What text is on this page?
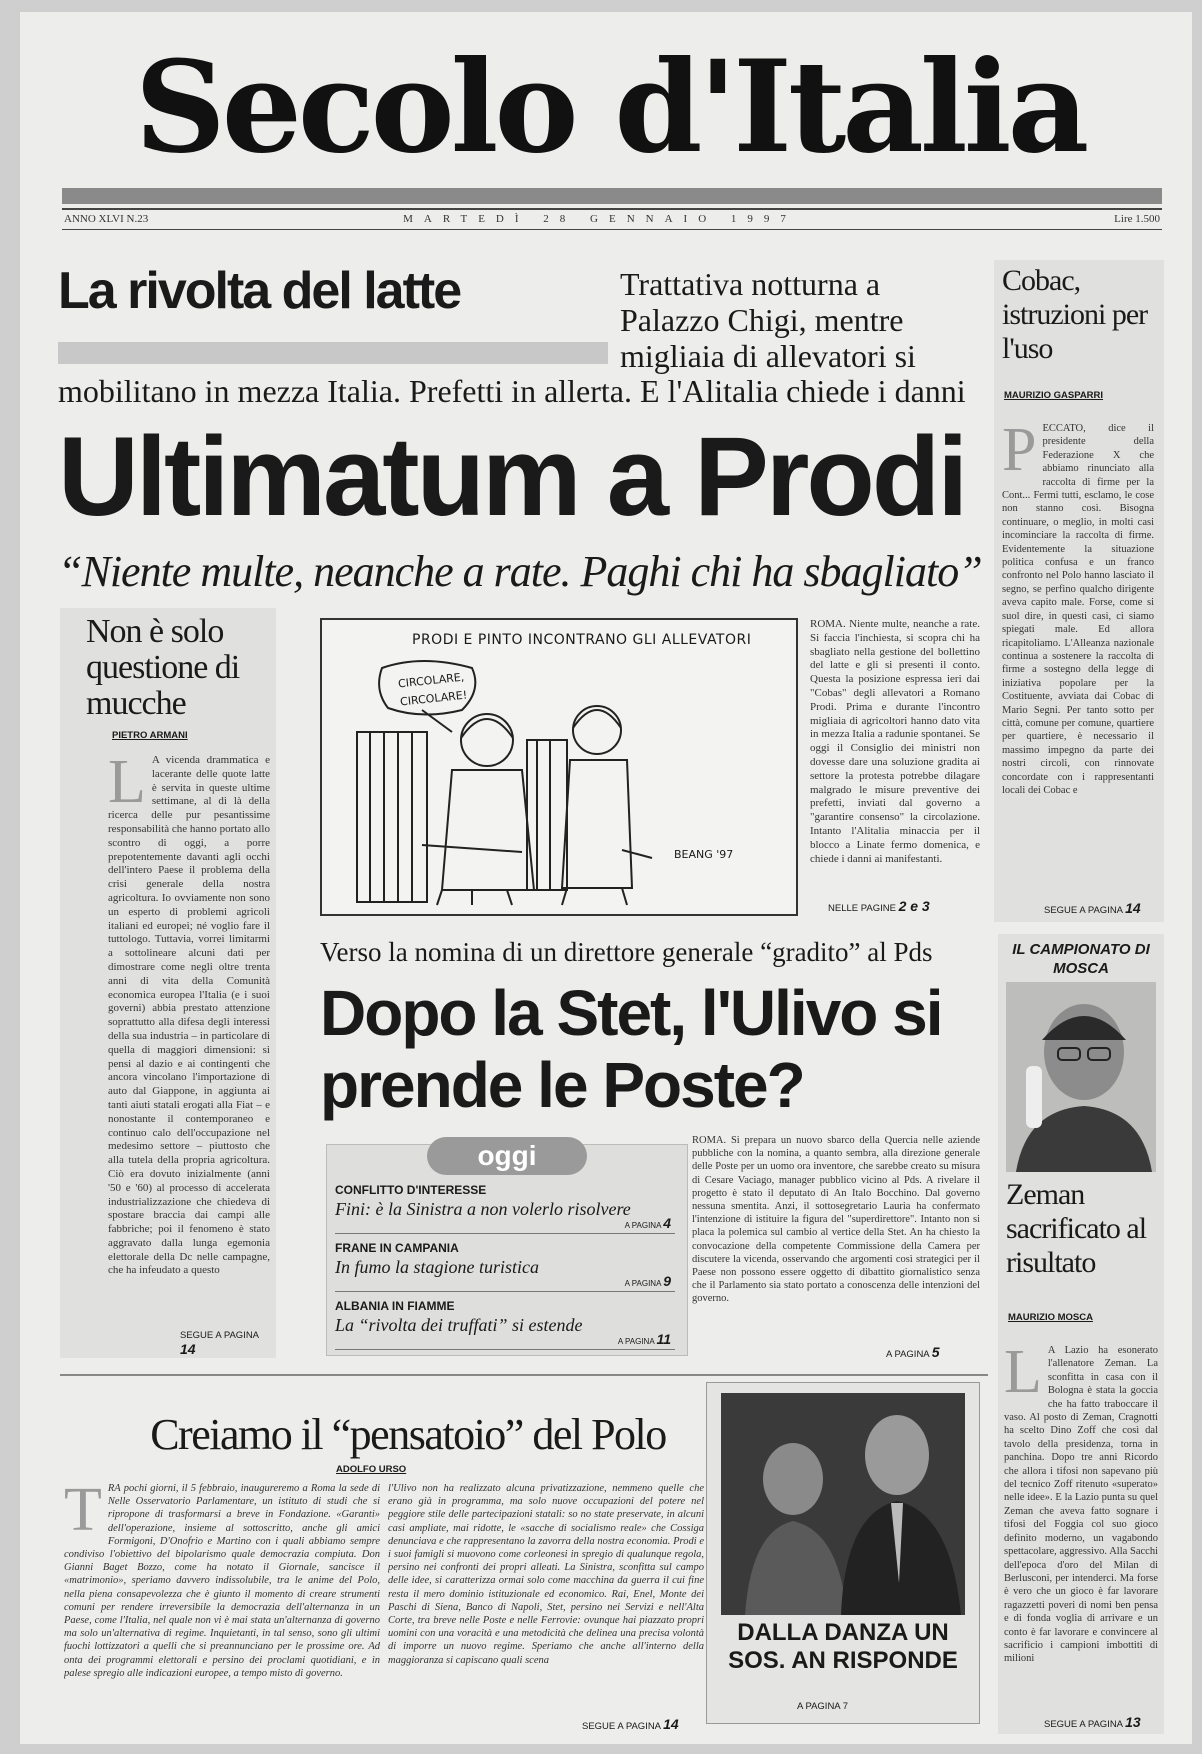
Secolo d'Italia
ANNO XLVI N.23	MARTEDÌ 28 GENNAIO 1997	Lire 1.500
La rivolta del latte	Trattativa notturna a Palazzo Chigi, mentre migliaia di allevatori si
mobilitano in mezza Italia. Prefetti in allerta. E l'Alitalia chiede i danni
Ultimatum a Prodi
“Niente multe, neanche a rate. Paghi chi ha sbagliato”
Non è solo questione di mucche
PIETRO ARMANI
L A vicenda drammatica e lacerante delle quote latte è servita in queste ultime settimane, al di là della ricerca delle pur pesantissime responsabilità che hanno portato allo scontro di oggi, a porre prepotentemente davanti agli occhi dell'intero Paese il problema della crisi generale della nostra agricoltura. Io ovviamente non sono un esperto di problemi agricoli italiani ed europei; né voglio fare il tuttologo. Tuttavia, vorrei limitarmi a sottolineare alcuni dati per dimostrare come negli oltre trenta anni di vita della Comunità economica europea l'Italia (e i suoi governi) abbia prestato attenzione soprattutto alla difesa degli interessi della sua industria – in particolare di quella di maggiori dimensioni: si pensi al dazio e ai contingenti che ancora vincolano l'importazione di auto dal Giappone, in aggiunta ai tanti aiuti statali erogati alla Fiat – e nonostante il contemporaneo e continuo calo dell'occupazione nel medesimo settore – piuttosto che alla tutela della propria agricoltura. Ciò era dovuto inizialmente (anni '50 e '60) al processo di accelerata industrializzazione che chiedeva di spostare braccia dai campi alle fabbriche; poi il fenomeno è stato aggravato dalla lunga egemonia elettorale della Dc nelle campagne, che ha infeudato a questo
SEGUE A PAGINA 14
PRODI E PINTO INCONTRANO GLI ALLEVATORI
CIRCOLARE,
CIRCOLARE!
BEANG '97
ROMA. Niente multe, neanche a rate. Si faccia l'inchiesta, si scopra chi ha sbagliato nella gestione del bollettino del latte e gli si presenti il conto. Questa la posizione espressa ieri dai "Cobas" degli allevatori a Romano Prodi. Prima e durante l'incontro migliaia di agricoltori hanno dato vita in mezza Italia a radunie spontanei. Se oggi il Consiglio dei ministri non dovesse dare una soluzione gradita ai settore la protesta potrebbe dilagare malgrado le misure preventive dei prefetti, inviati dal governo a "garantire consenso" la circolazione. Intanto l'Alitalia minaccia per il blocco a Linate fermo domenica, e chiede i danni ai manifestanti.
NELLE PAGINE 2 e 3
Cobac, istruzioni per l'uso
MAURIZIO GASPARRI
PECCATO, dice il presidente della Federazione X che abbiamo rinunciato alla raccolta di firme per la Cont... Fermi tutti, esclamo, le cose non stanno così. Bisogna continuare, o meglio, in molti casi incominciare la raccolta di firme. Evidentemente la situazione politica confusa e un franco confronto nel Polo hanno lasciato il segno, se perfino qualcho dirigente aveva capito male. Forse, come si suol dire, in questi casi, ci siamo spiegati male. Ed allora ricapitoliamo. L'Alleanza nazionale continua a sostenere la raccolta di firme a sostegno della legge di iniziativa popolare per la Costituente, avviata dai Cobac di Mario Segni. Per tanto sotto per città, comune per comune, quartiere per quartiere, è necessario il massimo impegno da parte dei nostri circoli, con rinnovate concordate con i rappresentanti locali dei Cobac e
SEGUE A PAGINA 14
Verso la nomina di un direttore generale “gradito” al Pds
Dopo la Stet, l'Ulivo si prende le Poste?
ROMA. Si prepara un nuovo sbarco della Quercia nelle aziende pubbliche con la nomina, a quanto sembra, alla direzione generale delle Poste per un uomo ora inventore, che sarebbe creato su misura di Cesare Vaciago, manager pubblico vicino al Pds. A rivelare il progetto è stato il deputato di An Italo Bocchino. Dal governo nessuna smentita. Anzi, il sottosegretario Lauria ha confermato l'intenzione di istituire la figura del "superdirettore". Intanto non si placa la polemica sul cambio al vertice della Stet. An ha chiesto la convocazione della competente Commissione della Camera per discutere la vicenda, osservando che argomenti così strategici per il Paese non possono essere oggetto di dibattito giornalistico senza che il Parlamento sia stato portato a conoscenza delle intenzioni del governo.
A PAGINA 5
oggi
CONFLITTO D'INTERESSE
Fini: è la Sinistra a non volerlo risolvere
A PAGINA 4
FRANE IN CAMPANIA
In fumo la stagione turistica
A PAGINA 9
ALBANIA IN FIAMME
La “rivolta dei truffati” si estende
A PAGINA 11
Creiamo il “pensatoio” del Polo
ADOLFO URSO
TRA pochi giorni, il 5 febbraio, inaugureremo a Roma la sede di Nelle Osservatorio Parlamentare, un istituto di studi che si ripropone di trasformarsi a breve in Fondazione. «Garanti» dell'operazione, insieme al sottoscritto, anche gli amici Formigoni, D'Onofrio e Martino con i quali abbiamo sempre condiviso l'obiettivo del bipolarismo quale democrazia compiuta. Don Gianni Baget Bozzo, come ha notato il Giornale, sancisce il «matrimonio», speriamo davvero indissolubile, tra le anime del Polo, nella piena consapevolezza che è giunto il momento di creare strumenti comuni per rendere irreversibile la democrazia dell'alternanza in un Paese, come l'Italia, nel quale non vi è mai stata un'alternanza di governo ma solo un'alternativa di regime. Inquietanti, in tal senso, sono gli ultimi fuochi lottizzatori a quelli che si preannunciano per le prossime ore. Ad onta dei programmi elettorali e persino dei proclami quotidiani, e in palese spregio alle indicazioni europee, a tempo misto di governo.
l'Ulivo non ha realizzato alcuna privatizzazione, nemmeno quelle che erano già in programma, ma solo nuove occupazioni del potere nel peggiore stile delle partecipazioni statali: so no state preservate, in alcuni casi ampliate, mai ridotte, le «sacche di socialismo reale» che Cossiga denunciava e che rappresentano la zavorra della nostra economia. Prodi e i suoi famigli si muovono come corleonesi in spregio di qualunque regola, persino nei confronti dei propri alleati. La Sinistra, sconfitta sul campo delle idee, si caratterizza ormai solo come macchina da guerra il cui fine resta il mero dominio istituzionale ed economico. Rai, Enel, Monte dei Paschi di Siena, Banco di Napoli, Stet, persino nei Servizi e nell'Alta Corte, tra breve nelle Poste e nelle Ferrovie: ovunque hai piazzato propri uomini con una voracità e una metodicità che delinea una precisa volontà di imporre un nuovo regime. Speriamo che anche all'interno della maggioranza si capiscano quali scena
SEGUE A PAGINA 14
DALLA DANZA UN SOS. AN RISPONDE
A PAGINA 7
IL CAMPIONATO DI MOSCA
Zeman sacrificato al risultato
MAURIZIO MOSCA
L A Lazio ha esonerato l'allenatore Zeman. La sconfitta in casa con il Bologna è stata la goccia che ha fatto traboccare il vaso. Al posto di Zeman, Cragnotti ha scelto Dino Zoff che così dal tavolo della presidenza, torna in panchina. Dopo tre anni Ricordo che allora i tifosi non sapevano più del tecnico Zoff ritenuto «superato» nelle idee». E la Lazio punta su quel Zeman che aveva fatto sognare i tifosi del Foggia col suo gioco definito moderno, un vagabondo spettacolare, aggressivo. Alla Sacchi dell'epoca d'oro del Milan di Berlusconi, per intenderci. Ma forse è vero che un gioco è far lavorare ragazzetti poveri di nomi ben pensa e di fonda voglia di arrivare e un conto è far lavorare e convincere al sacrificio i campioni imbottiti di milioni
SEGUE A PAGINA 13
